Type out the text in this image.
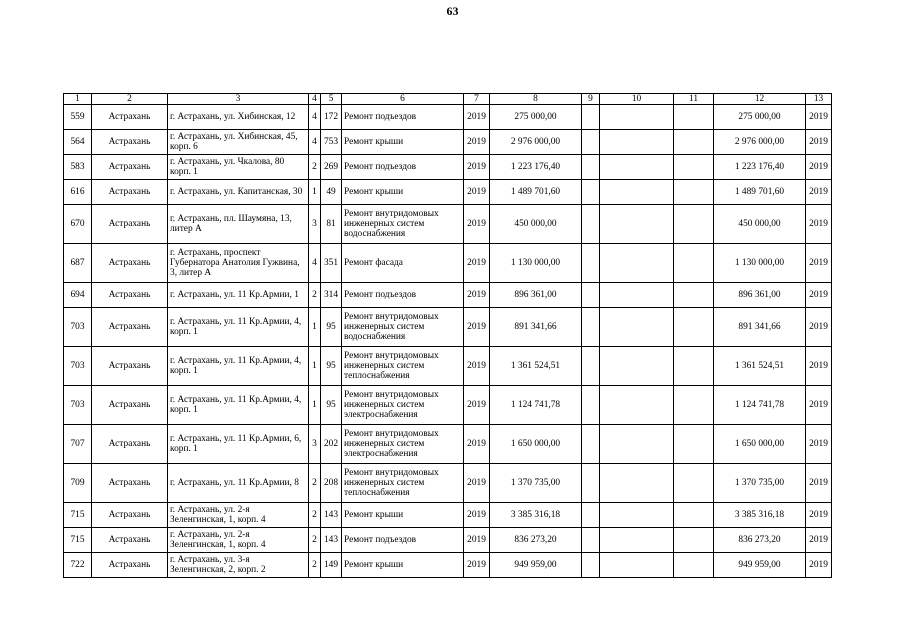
63
1	2	3	4	5	6	7	8	9	10	11	12	13
559	Астрахань	г. Астрахань, ул. Хибинская, 12	4	172	Ремонт подъездов	2019	275 000,00				275 000,00	2019
564	Астрахань	г. Астрахань, ул. Хибинская, 45, корп. 6	4	753	Ремонт крыши	2019	2 976 000,00				2 976 000,00	2019
583	Астрахань	г. Астрахань, ул. Чкалова, 80 корп. 1	2	269	Ремонт подъездов	2019	1 223 176,40				1 223 176,40	2019
616	Астрахань	г. Астрахань, ул. Капитанская, 30	1	49	Ремонт крыши	2019	1 489 701,60				1 489 701,60	2019
670	Астрахань	г. Астрахань, пл. Шаумяна, 13, литер А	3	81	Ремонт внутридомовых инженерных систем водоснабжения	2019	450 000,00				450 000,00	2019
687	Астрахань	г. Астрахань, проспект Губернатора Анатолия Гужвина, 3, литер А	4	351	Ремонт фасада	2019	1 130 000,00				1 130 000,00	2019
694	Астрахань	г. Астрахань, ул. 11 Кр.Армии, 1	2	314	Ремонт подъездов	2019	896 361,00				896 361,00	2019
703	Астрахань	г. Астрахань, ул. 11 Кр.Армии, 4, корп. 1	1	95	Ремонт внутридомовых инженерных систем водоснабжения	2019	891 341,66				891 341,66	2019
703	Астрахань	г. Астрахань, ул. 11 Кр.Армии, 4, корп. 1	1	95	Ремонт внутридомовых инженерных систем теплоснабжения	2019	1 361 524,51				1 361 524,51	2019
703	Астрахань	г. Астрахань, ул. 11 Кр.Армии, 4, корп. 1	1	95	Ремонт внутридомовых инженерных систем электроснабжения	2019	1 124 741,78				1 124 741,78	2019
707	Астрахань	г. Астрахань, ул. 11 Кр.Армии, 6, корп. 1	3	202	Ремонт внутридомовых инженерных систем электроснабжения	2019	1 650 000,00				1 650 000,00	2019
709	Астрахань	г. Астрахань, ул. 11 Кр.Армии, 8	2	208	Ремонт внутридомовых инженерных систем теплоснабжения	2019	1 370 735,00				1 370 735,00	2019
715	Астрахань	г. Астрахань, ул. 2-я Зеленгинская, 1, корп. 4	2	143	Ремонт крыши	2019	3 385 316,18				3 385 316,18	2019
715	Астрахань	г. Астрахань, ул. 2-я Зеленгинская, 1, корп. 4	2	143	Ремонт подъездов	2019	836 273,20				836 273,20	2019
722	Астрахань	г. Астрахань, ул. 3-я Зеленгинская, 2, корп. 2	2	149	Ремонт крыши	2019	949 959,00				949 959,00	2019
